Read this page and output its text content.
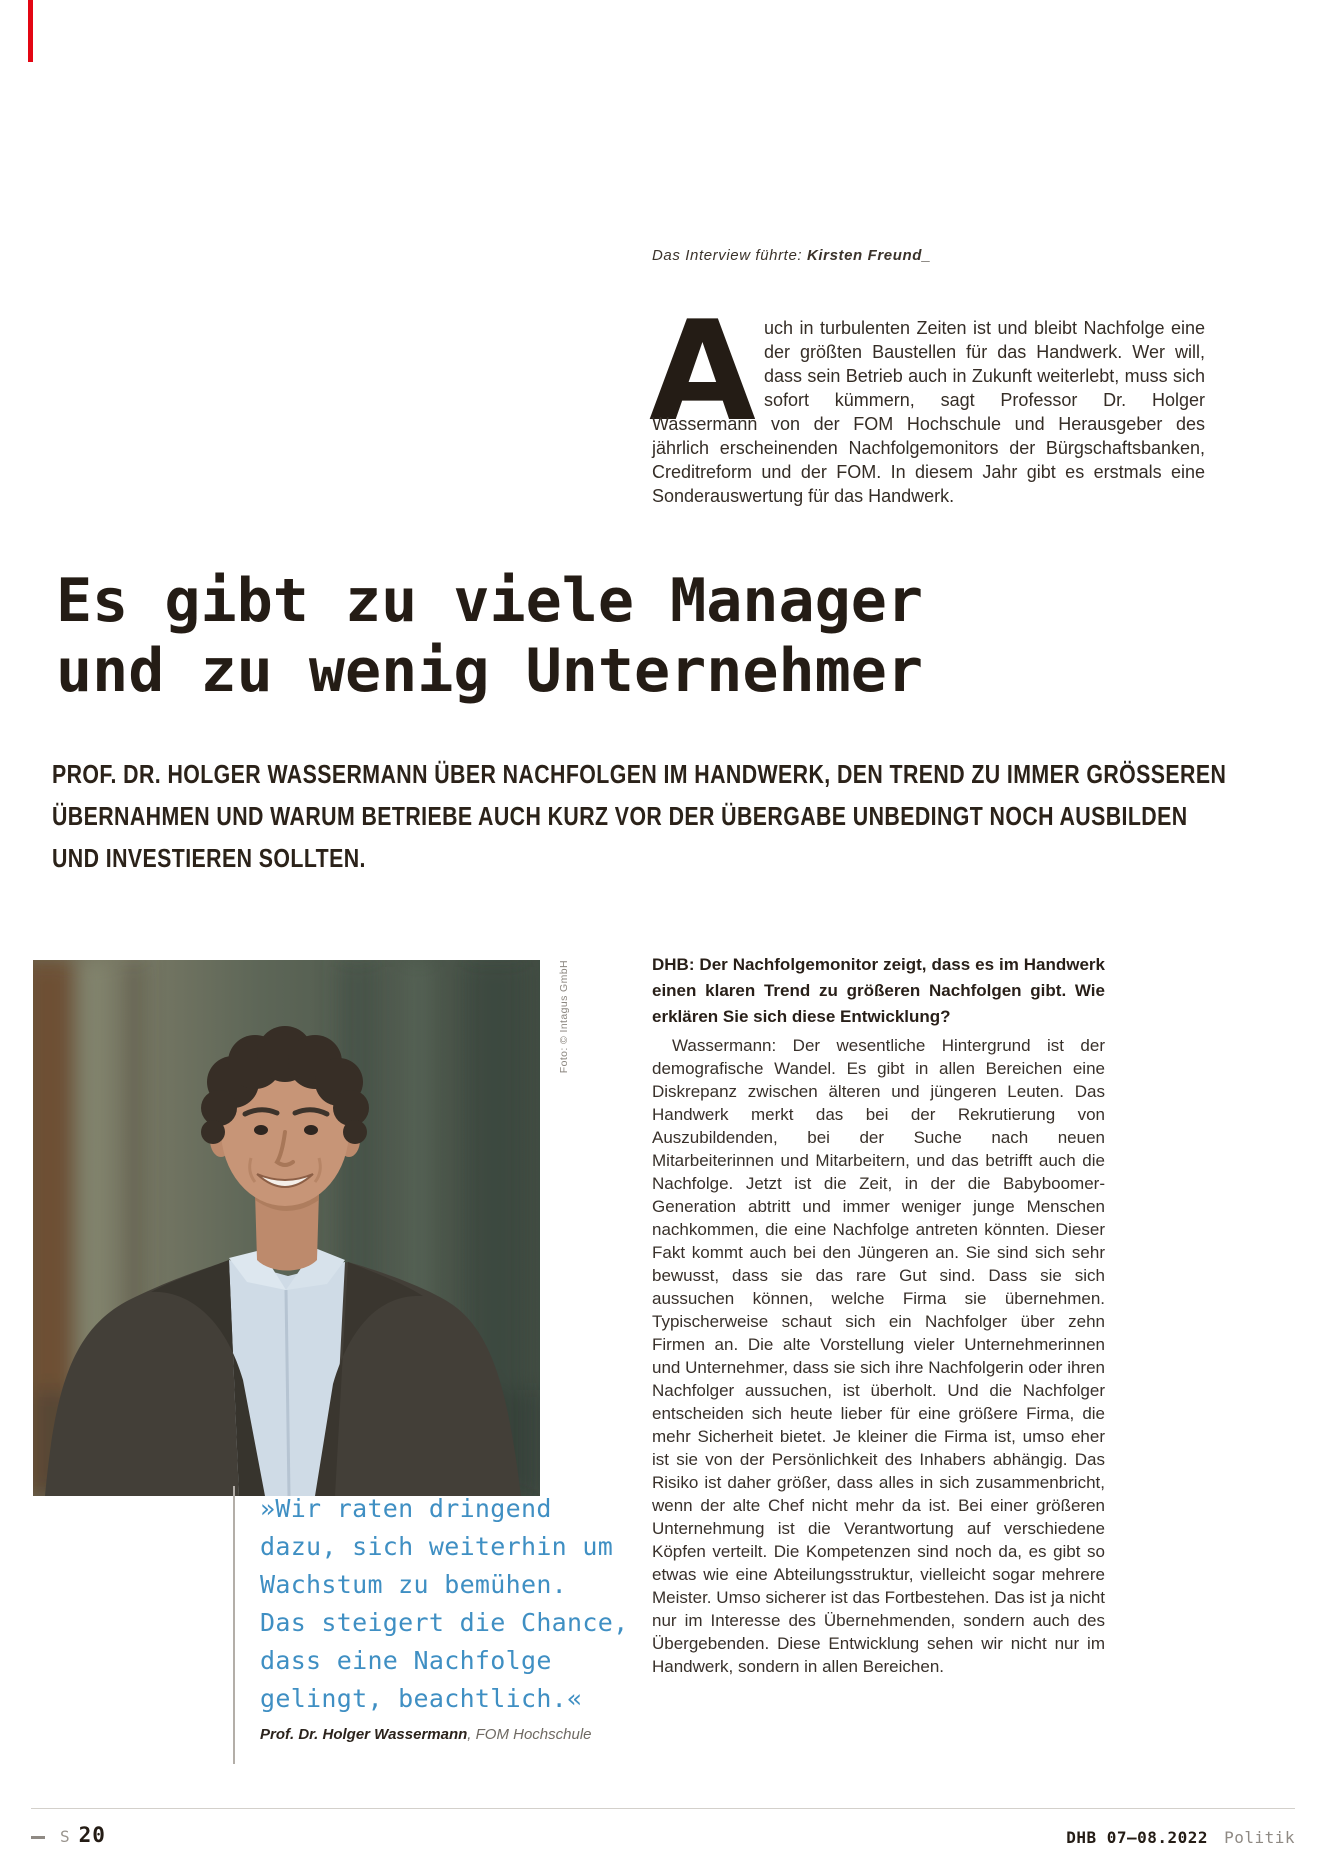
Das Interview führte: Kirsten Freund_
A uch in turbulenten Zeiten ist und bleibt Nachfolge eine der größten Baustellen für das Handwerk. Wer will, dass sein Betrieb auch in Zukunft weiterlebt, muss sich sofort kümmern, sagt Professor Dr. Holger Wassermann von der FOM Hochschule und Herausgeber des jährlich erscheinenden Nachfolgemonitors der Bürgschaftsbanken, Creditreform und der FOM. In diesem Jahr gibt es erstmals eine Sonderauswertung für das Handwerk.

Es gibt zu viele Manager
und zu wenig Unternehmer
PROF. DR. HOLGER WASSERMANN ÜBER NACHFOLGEN IM HANDWERK, DEN TREND ZU IMMER GRÖSSEREN
ÜBERNAHMEN UND WARUM BETRIEBE AUCH KURZ VOR DER ÜBERGABE UNBEDINGT NOCH AUSBILDEN
UND INVESTIEREN SOLLTEN.
Foto: © Intagus GmbH	DHB: Der Nachfolgemonitor zeigt, dass es im Handwerk einen klaren Trend zu größeren Nachfolgen gibt. Wie erklären Sie sich diese Entwicklung?

Wassermann: Der wesentliche Hintergrund ist der demografische Wandel. Es gibt in allen Bereichen eine Diskrepanz zwischen älteren und jüngeren Leuten. Das Handwerk merkt das bei der Rekrutierung von Auszubildenden, bei der Suche nach neuen Mitarbeiterinnen und Mitarbeitern, und das betrifft auch die Nachfolge. Jetzt ist die Zeit, in der die Babyboomer-Generation abtritt und immer weniger junge Menschen nachkommen, die eine Nachfolge antreten könnten. Dieser Fakt kommt auch bei den Jüngeren an. Sie sind sich sehr bewusst, dass sie das rare Gut sind. Dass sie sich aussuchen können, welche Firma sie übernehmen. Typischerweise schaut sich ein Nachfolger über zehn Firmen an. Die alte Vorstellung vieler Unternehmerinnen und Unternehmer, dass sie sich ihre Nachfolgerin oder ihren Nachfolger aussuchen, ist überholt. Und die Nachfolger entscheiden sich heute lieber für eine größere Firma, die mehr Sicherheit bietet. Je kleiner die Firma ist, umso eher ist sie von der Persönlichkeit des Inhabers abhängig. Das Risiko ist daher größer, dass alles in sich zusammenbricht, wenn der alte Chef nicht mehr da ist. Bei einer größeren Unternehmung ist die Verantwortung auf verschiedene Köpfen verteilt. Die Kompetenzen sind noch da, es gibt so etwas wie eine Abteilungsstruktur, vielleicht sogar mehrere Meister. Umso sicherer ist das Fortbestehen. Das ist ja nicht nur im Interesse des Übernehmenden, sondern auch des Übergebenden. Diese Entwicklung sehen wir nicht nur im Handwerk, sondern in allen Bereichen.

»Wir raten dringend
dazu, sich weiterhin um
Wachstum zu bemühen.
Das steigert die Chance,
dass eine Nachfolge
gelingt, beachtlich.«

Prof. Dr. Holger Wassermann, FOM Hochschule

S 20	DHB 07–08.2022 Politik
